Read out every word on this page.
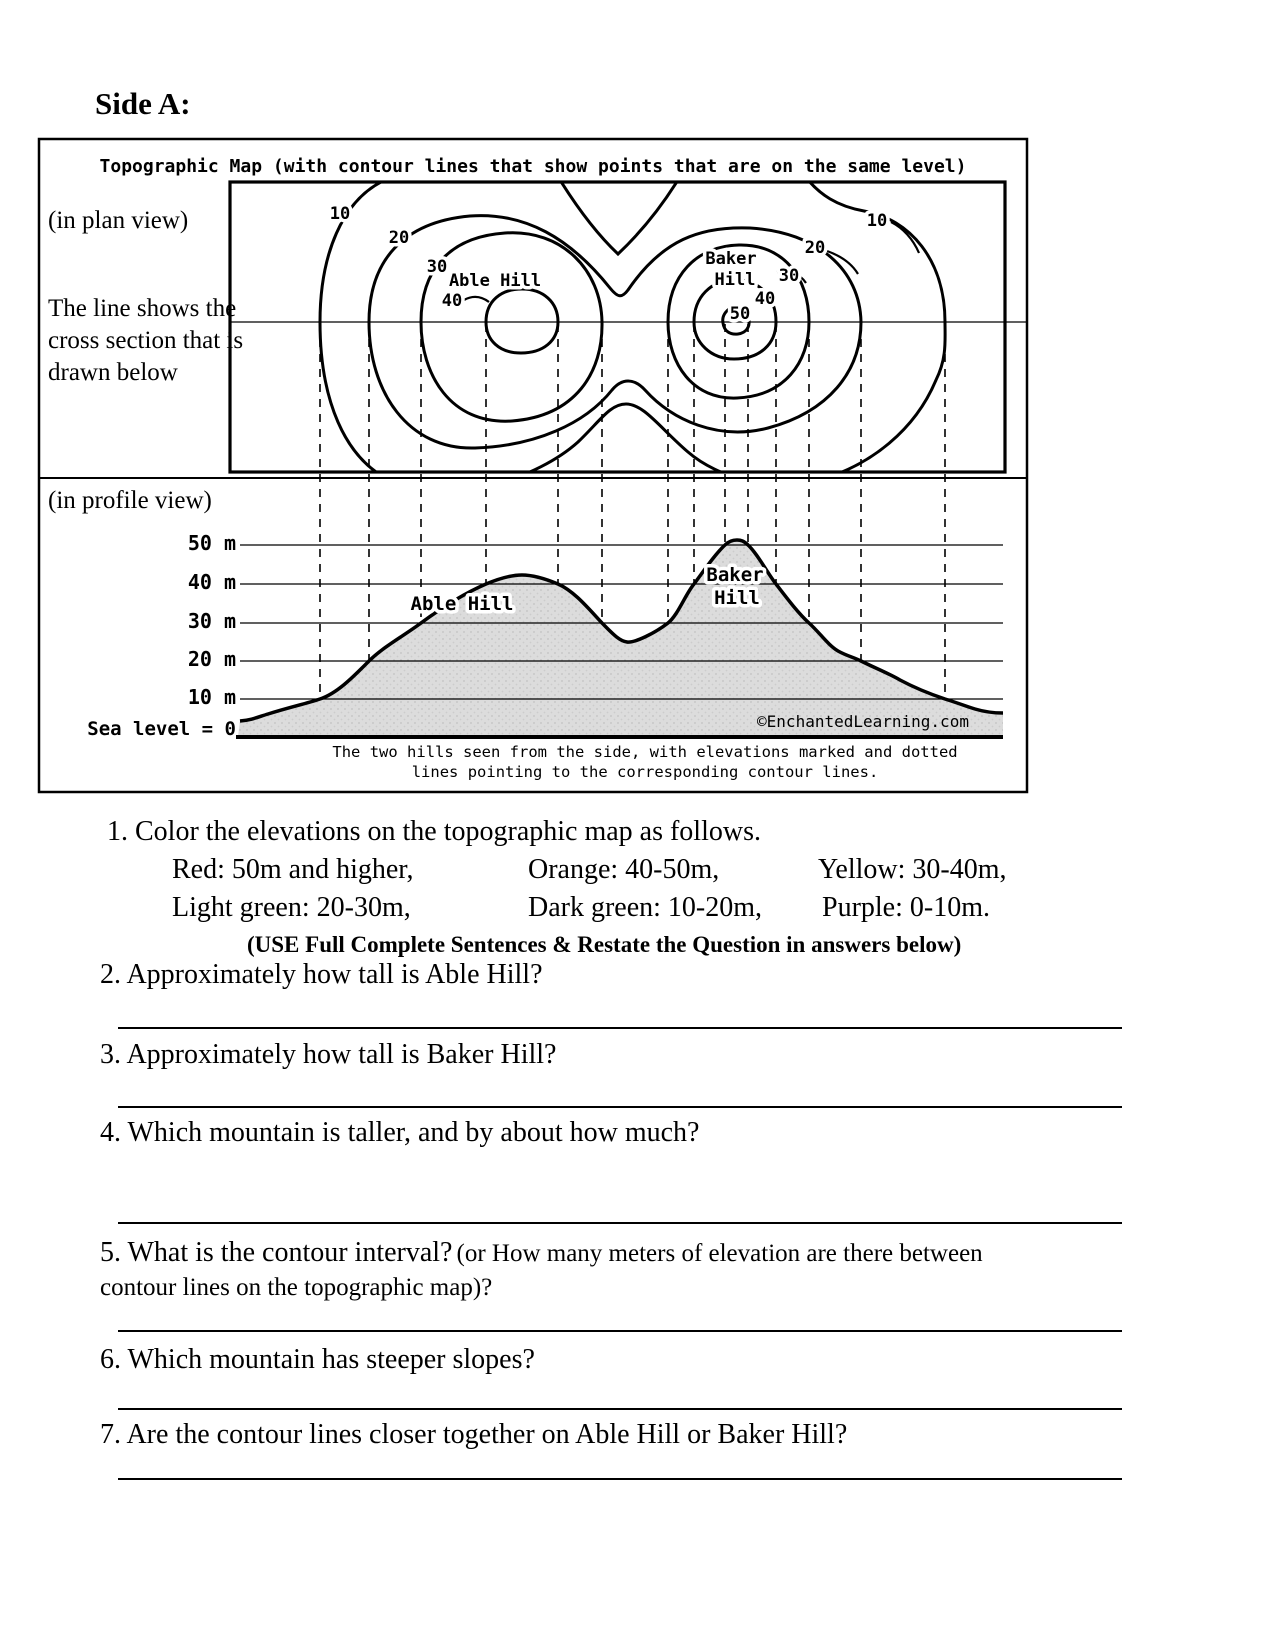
Side A:
Topographic Map (with contour lines that show points that are on the same level)
(in plan view)
The line shows the
cross section that is
drawn below
(in profile view)
10
20
30
Able Hill
40
Baker
Hill 30
40
50
20
10
50 m
40 m
30 m
20 m
10 m
Sea level = 0
Able Hill
Baker
Hill
©EnchantedLearning.com
The two hills seen from the side, with elevations marked and dotted
lines pointing to the corresponding contour lines.
1. Color the elevations on the topographic map as follows.
Red: 50m and higher,	Orange: 40-50m,	Yellow: 30-40m,
Light green: 20-30m,	Dark green: 10-20m, Purple: 0-10m.
(USE Full Complete Sentences & Restate the Question in answers below)
2. Approximately how tall is Able Hill?
3. Approximately how tall is Baker Hill?
4. Which mountain is taller, and by about how much?
5. What is the contour interval? (or How many meters of elevation are there between
contour lines on the topographic map)?
6. Which mountain has steeper slopes?
7. Are the contour lines closer together on Able Hill or Baker Hill?
